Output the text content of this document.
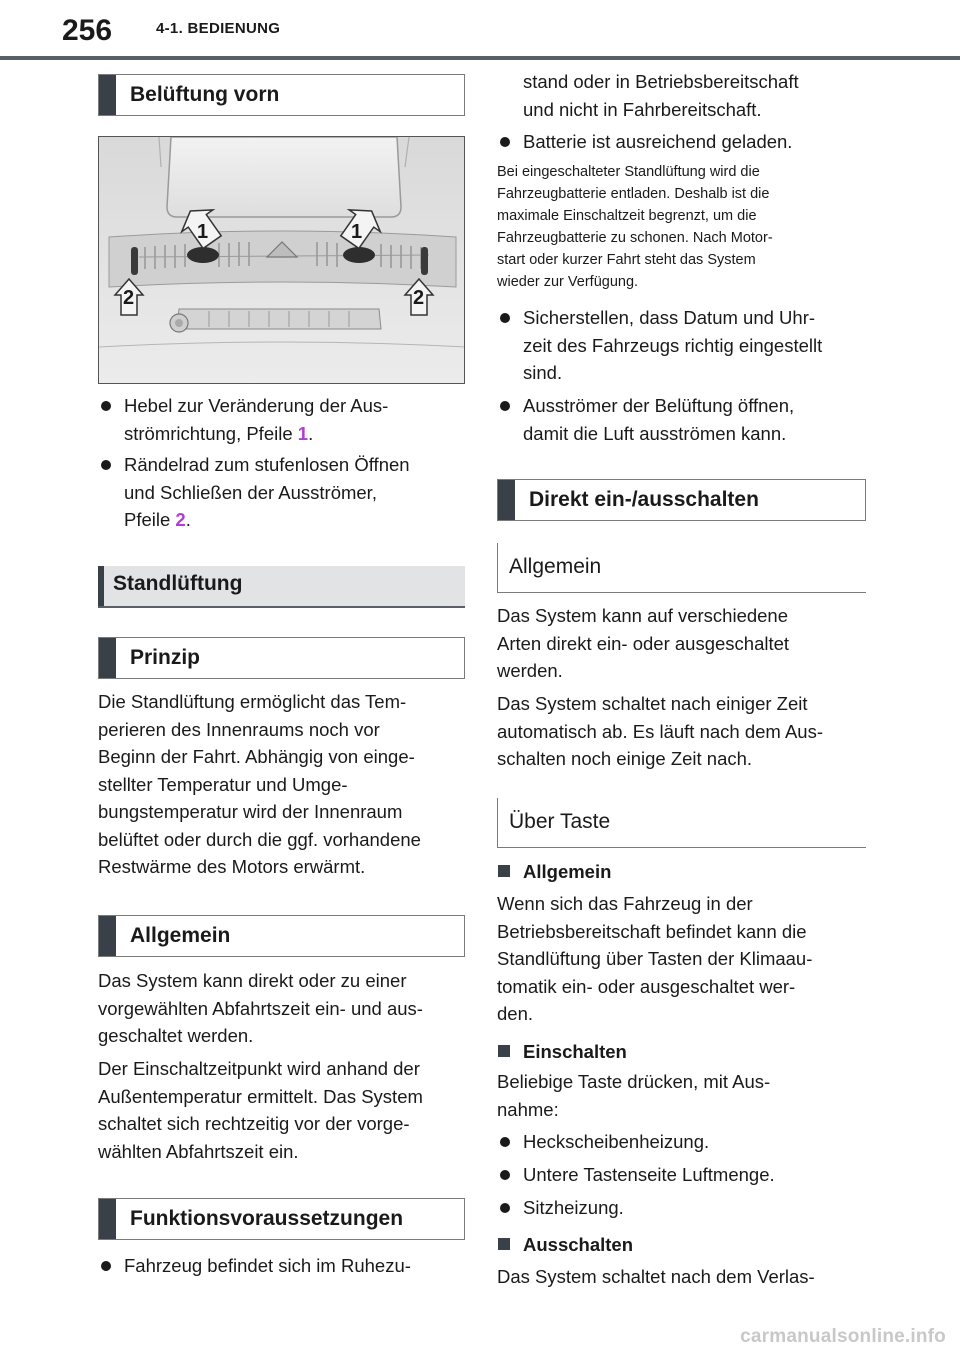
256	4-1. BEDIENUNG
Belüftung vorn
1	1
2	2
Hebel zur Veränderung der Aus-
strömrichtung, Pfeile 1.
Rändelrad zum stufenlosen Öffnen
und Schließen der Ausströmer,
Pfeile 2.
Standlüftung
Prinzip
Die Standlüftung ermöglicht das Tem-
perieren des Innenraums noch vor
Beginn der Fahrt. Abhängig von einge-
stellter Temperatur und Umge-
bungstemperatur wird der Innenraum
belüftet oder durch die ggf. vorhandene
Restwärme des Motors erwärmt.
Allgemein
Das System kann direkt oder zu einer
vorgewählten Abfahrtszeit ein- und aus-
geschaltet werden.
Der Einschaltzeitpunkt wird anhand der
Außentemperatur ermittelt. Das System
schaltet sich rechtzeitig vor der vorge-
wählten Abfahrtszeit ein.
Funktionsvoraussetzungen
Fahrzeug befindet sich im Ruhezu-
stand oder in Betriebsbereitschaft
und nicht in Fahrbereitschaft.
Batterie ist ausreichend geladen.
Bei eingeschalteter Standlüftung wird die
Fahrzeugbatterie entladen. Deshalb ist die
maximale Einschaltzeit begrenzt, um die
Fahrzeugbatterie zu schonen. Nach Motor-
start oder kurzer Fahrt steht das System
wieder zur Verfügung.
Sicherstellen, dass Datum und Uhr-
zeit des Fahrzeugs richtig eingestellt
sind.
Ausströmer der Belüftung öffnen,
damit die Luft ausströmen kann.
Direkt ein-/ausschalten
Allgemein
Das System kann auf verschiedene
Arten direkt ein- oder ausgeschaltet
werden.
Das System schaltet nach einiger Zeit
automatisch ab. Es läuft nach dem Aus-
schalten noch einige Zeit nach.
Über Taste
Allgemein
Wenn sich das Fahrzeug in der
Betriebsbereitschaft befindet kann die
Standlüftung über Tasten der Klimaau-
tomatik ein- oder ausgeschaltet wer-
den.
Einschalten
Beliebige Taste drücken, mit Aus-
nahme:
Heckscheibenheizung.
Untere Tastenseite Luftmenge.
Sitzheizung.
Ausschalten
Das System schaltet nach dem Verlas-
carmanualsonline.info
